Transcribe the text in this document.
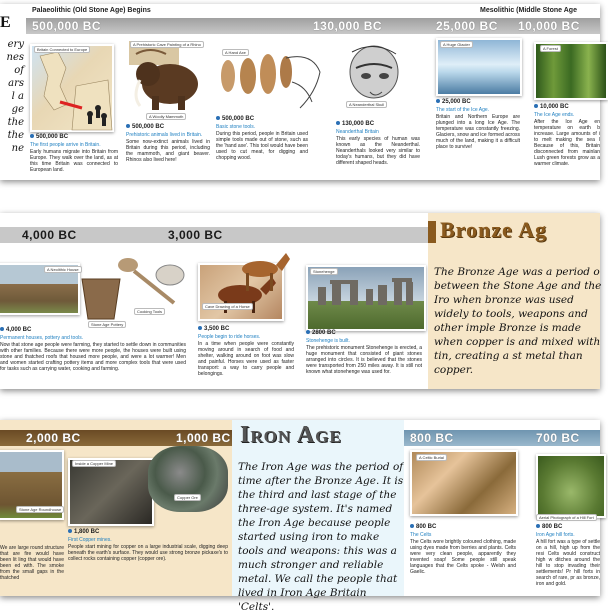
Palaeolithic (Old Stone Age) Begins	Mesolithic (Middle Stone Age
500,000 BC	130,000 BC	25,000 BC 10,000 BC
E
ery
nes
of
ars
l a
ge
the
the
ne
Britain Connected to Europe
500,000 BC
The first people arrive in Britain.
Early humans migrate into Britain from Europe. They walk over the land, as at this time Britain was connected to European land.
A Prehistoric Cave Painting of a Rhino
A Woolly Mammoth
500,000 BC
Prehistoric animals lived in Britain.
Some now-extinct animals lived in Britain during this period, including the mammoth, and giant beaver. Rhinos also lived here!
A Hand Axe
500,000 BC
Basic stone tools.
During this period, people in Britain used simple tools made out of stone, such as the 'hand axe'. This tool would have been used to cut meat, for digging and chopping wood.
A Neanderthal Skull
130,000 BC
Neanderthal Britain
This early species of human was known as the Neanderthal. Neanderthals looked very similar to today's humans, but they did have different shaped heads.
A Huge Glacier
25,000 BC
The start of the Ice Age.
Britain and Northern Europe are plunged into a long Ice Age. The temperature was constantly freezing. Glaciers, snow and ice formed across much of the land, making it a difficult place to survive!
A Forest
10,000 BC
The Ice Age ends.
After the Ice Age en temperature on earth b increase. Large amounts of i to melt making the sea l Because of this, Britain disconnected from mainlan Lush green forests grow as a warmer climate.
4,000 BC	3,000 BC
A Neolithic House
Stone Age Pottery
Cooking Tools
4,000 BC
Permanent houses, pottery and tools.
Now that stone age people were farming, they started to settle down in communities with other families. Because there were more people, the houses were built using stone and thatched roofs that housed more people, and were a lot warmer! Men and women started crafting pottery items and more complex tools that were used for tasks such as carrying water, cooking and farming.
Cave Drawing of a Horse
3,500 BC
People begin to ride horses.
In a time when people were constantly moving around in search of food and shelter, walking around on foot was slow and painful. Horses were used as faster transport: a way to carry people and belongings.
Stonehenge
2800 BC
Stonehenge is built.
The prehistoric monument Stonehenge is erected, a huge monument that consisted of giant stones arranged into circles. It is believed that the stones were transported from 250 miles away. It is still not known what stonehenge was used for.
Bronze Ag
The Bronze Age was a period o between the Stone Age and the Iro when bronze was used widely to tools, weapons and other imple Bronze is made when copper is and mixed with tin, creating a st metal than copper.
2,000 BC	1,000 BC
Stone Age Roundhouse
We are large round structure that are fire would have been lit ling that would have been ed with. The smoke from the small gaps in the thatched
Inside a Copper Mine
Copper Ore
1,800 BC
First Copper mines.
People start mining for copper on a large industrial scale, digging deep beneath the earth's surface. They would use strong bronze pickaxe's to collect rocks containing copper (copper ore).
Iron Age
The Iron Age was the period of time after the Bronze Age. It is the third and last stage of the three-age system. It's named the Iron Age because people started using iron to make tools and weapons: this was a much stronger and reliable metal. We call the people that lived in Iron Age Britain 'Celts'.
800 BC	700 BC
A Celtic Burial
800 BC
The Celts
The Celts wore brightly coloured clothing, made using dyes made from berries and plants. Celts were very clean people, apparently they invented soap! Some people still speak languages that the Celts spoke - Welsh and Gaelic.
Aerial Photograph of a Hill Fort
800 BC
Iron Age hill forts.
A hill fort was a type of settle on a hill, high up from the resi Celts would construct high w ditches around the hill to stop invading their settlements! Pr hill forts in search of rare, pr as bronze, iron and gold.
